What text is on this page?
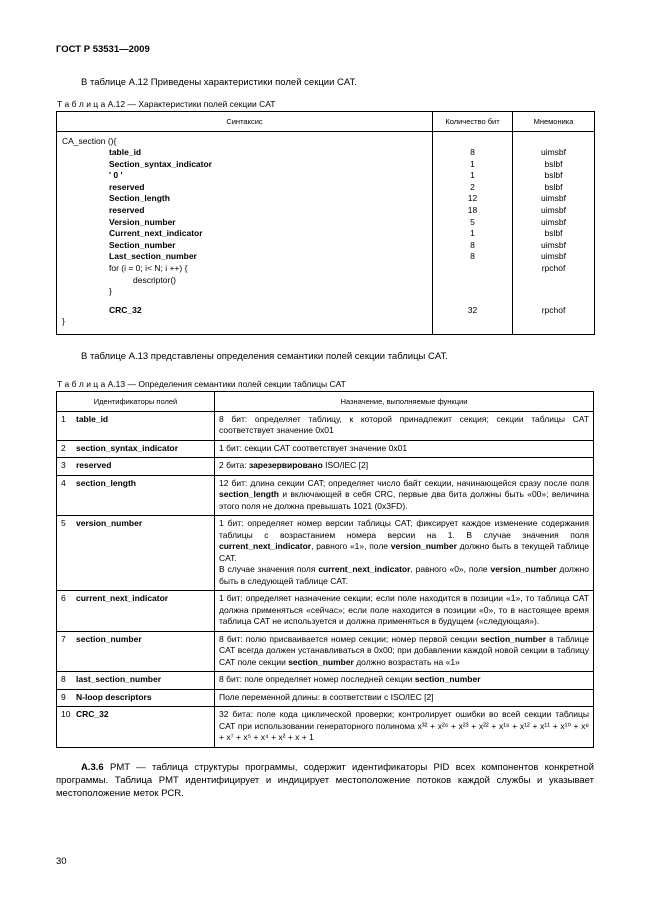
ГОСТ Р 53531—2009

В таблице А.12 Приведены характеристики полей секции CAT.

Т а б л и ц а А.12 — Характеристики полей секции CAT
Синтаксис	Количество бит	Мнемоника
CA_section (){		
table_id	8	uimsbf
Section_syntax_indicator	1	bslbf
' 0 '	1	bslbf
reserved	2	bslbf
Section_length	12	uimsbf
reserved	18	uimsbf
Version_number	5	uimsbf
Current_next_indicator	1	bslbf
Section_number	8	uimsbf
Last_section_number	8	uimsbf
for (i = 0; i< N; i ++) {		rpchof
descriptor()		
}		
CRC_32	32	rpchof
}		

В таблице А.13 представлены определения семантики полей секции таблицы CAT.

Т а б л и ц а А.13 — Определения семантики полей секции таблицы CAT
Идентификаторы полей	Назначение, выполняемые функции
1 table_id	8 бит: определяет таблицу, к которой принадлежит секция; секции таблицы CAT соответствует значение 0x01
2 section_syntax_indicator	1 бит: секции CAT соответствует значение 0x01
3 reserved	2 бита: зарезервировано ISO/IEC [2]
4 section_length	12 бит: длина секции CAT; определяет число байт секции, начинающейся сразу после поля section_length и включающей в себя CRC, первые два бита должны быть «00»; величина этого поля не должна превышать 1021 (0x3FD).
5 version_number	1 бит: определяет номер версии таблицы CAT; фиксирует каждое изменение содержания таблицы с возрастанием номера версии на 1. В случае значения поля current_next_indicator, равного «1», поле version_number должно быть в текущей таблице CAT.
В случае значения поля current_next_indicator, равного «0», поле version_number должно быть в следующей таблице CAT.
6 current_next_indicator	1 бит: определяет назначение секции; если поле находится в позиции «1», то таблица CAT должна применяться «сейчас»; если поле находится в позиции «0», то в настоящее время таблица CAT не используется и должна применяться в будущем («следующая»).
7 section_number	8 бит: полю присваивается номер секции; номер первой секции section_number в таблице CAT всегда должен устанавливаться в 0x00; при добавлении каждой новой секции в таблицу CAT поле секции section_number должно возрастать на «1»
8 last_section_number	8 бит: поле определяет номер последней секции section_number
9 N-loop descriptors	Поле переменной длины: в соответствии с ISO/IEC [2]
10 CRC_32	32 бита: поле кода циклической проверки; контролирует ошибки во всей секции таблицы CAT при использовании генераторного полинома x³² + x²⁶ + x²³ + x²² + x¹⁶ + x¹² + x¹¹ + x¹⁰ + x⁸ + x⁷ + x⁵ + x⁴ + x² + x + 1

А.3.6 PMT — таблица структуры программы, содержит идентификаторы PID всех компонентов конкретной программы. Таблица PMT идентифицирует и индицирует местоположение потоков каждой службы и указывает местоположение меток PCR.

30
